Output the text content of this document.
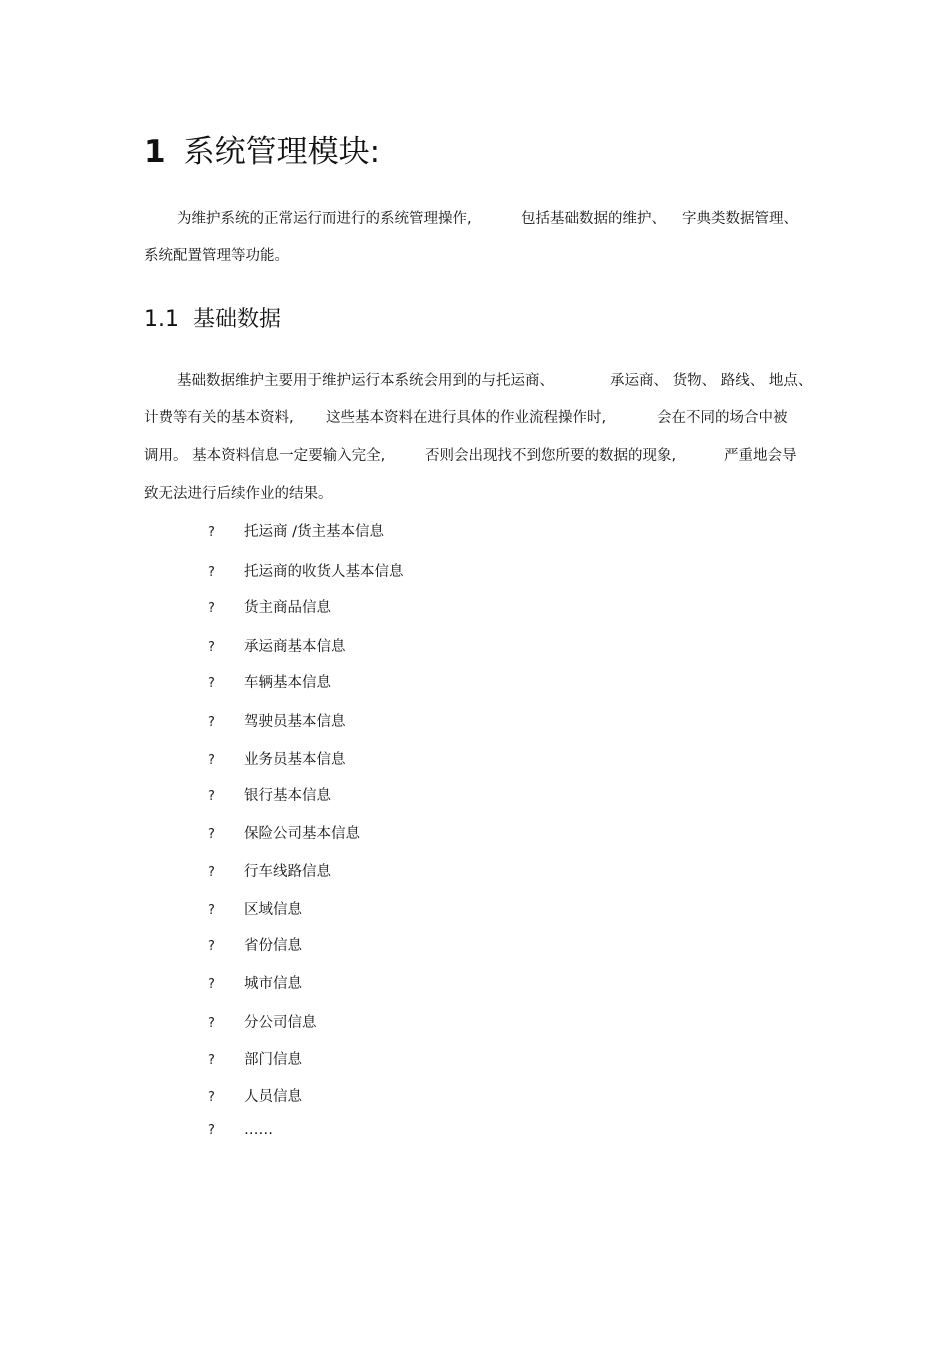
1 系统管理模块:
为维护系统的正常运行而进行的系统管理操作,	包括基础数据的维护、 字典类数据管理、
系统配置管理等功能。
1.1 基础数据
基础数据维护主要用于维护运行本系统会用到的与托运商、	承运商、 货物、 路线、 地点、
计费等有关的基本资料, 这些基本资料在进行具体的作业流程操作时,	会在不同的场合中被
调用。 基本资料信息一定要输入完全,	否则会出现找不到您所要的数据的现象,	严重地会导
致无法进行后续作业的结果。
? 托运商 /货主基本信息
? 托运商的收货人基本信息
? 货主商品信息
? 承运商基本信息
? 车辆基本信息
? 驾驶员基本信息
? 业务员基本信息
? 银行基本信息
? 保险公司基本信息
? 行车线路信息
? 区域信息
? 省份信息
? 城市信息
? 分公司信息
? 部门信息
? 人员信息
? ……
